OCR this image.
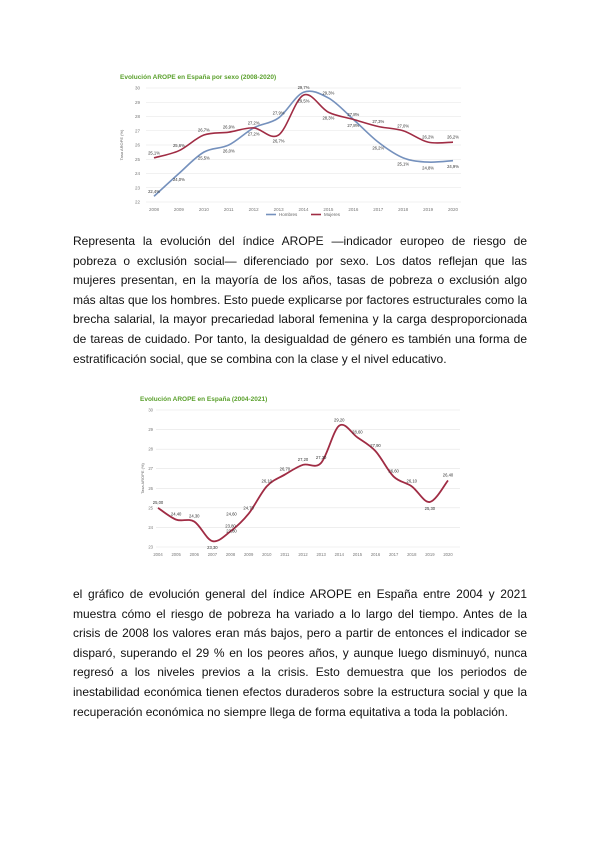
Evolución AROPE en España por sexo (2008-2020)
Tasa AROPE (%)
22
23
24
25
26
27
28
29
30
2008	2009	2010	2011	2012	2013	2014	2015	2016	2017	2018	2019	2020
22,4%
24,0%
25,5%
26,0%
27,2%
27,9%
29,7%
29,3%
27,8%
26,2%
25,1%
24,8%	24,9%
25,1%
25,6%
26,7%
26,9%
27,2%
26,7%
29,5%
28,3%
27,8%
27,3%
27,0%
26,2%	26,2%
Hombres	Mujeres

Representa la evolución del índice AROPE —indicador europeo de riesgo de pobreza o exclusión social— diferenciado por sexo. Los datos reflejan que las mujeres presentan, en la mayoría de los años, tasas de pobreza o exclusión algo más altas que los hombres. Esto puede explicarse por factores estructurales como la brecha salarial, la mayor precariedad laboral femenina y la carga desproporcionada de tareas de cuidado. Por tanto, la desigualdad de género es también una forma de estratificación social, que se combina con la clase y el nivel educativo.

Evolución AROPE en España (2004-2021)
Tasa AROPE (%)
23
24
25
26
27
28
29
30
2004 2005 2006 2007 2008 2009 2010 2011 2012 2013 2014 2015 2016 2017 2018 2019 2020
25,00
24,40 24,30
23,30
23,80
24,70
26,10
26,70
27,20 27,30
29,20
28,60
27,90
26,60
26,10
25,30
26,40
24,60
23,80

el gráfico de evolución general del índice AROPE en España entre 2004 y 2021 muestra cómo el riesgo de pobreza ha variado a lo largo del tiempo. Antes de la crisis de 2008 los valores eran más bajos, pero a partir de entonces el indicador se disparó, superando el 29 % en los peores años, y aunque luego disminuyó, nunca regresó a los niveles previos a la crisis. Esto demuestra que los periodos de inestabilidad económica tienen efectos duraderos sobre la estructura social y que la recuperación económica no siempre llega de forma equitativa a toda la población.
